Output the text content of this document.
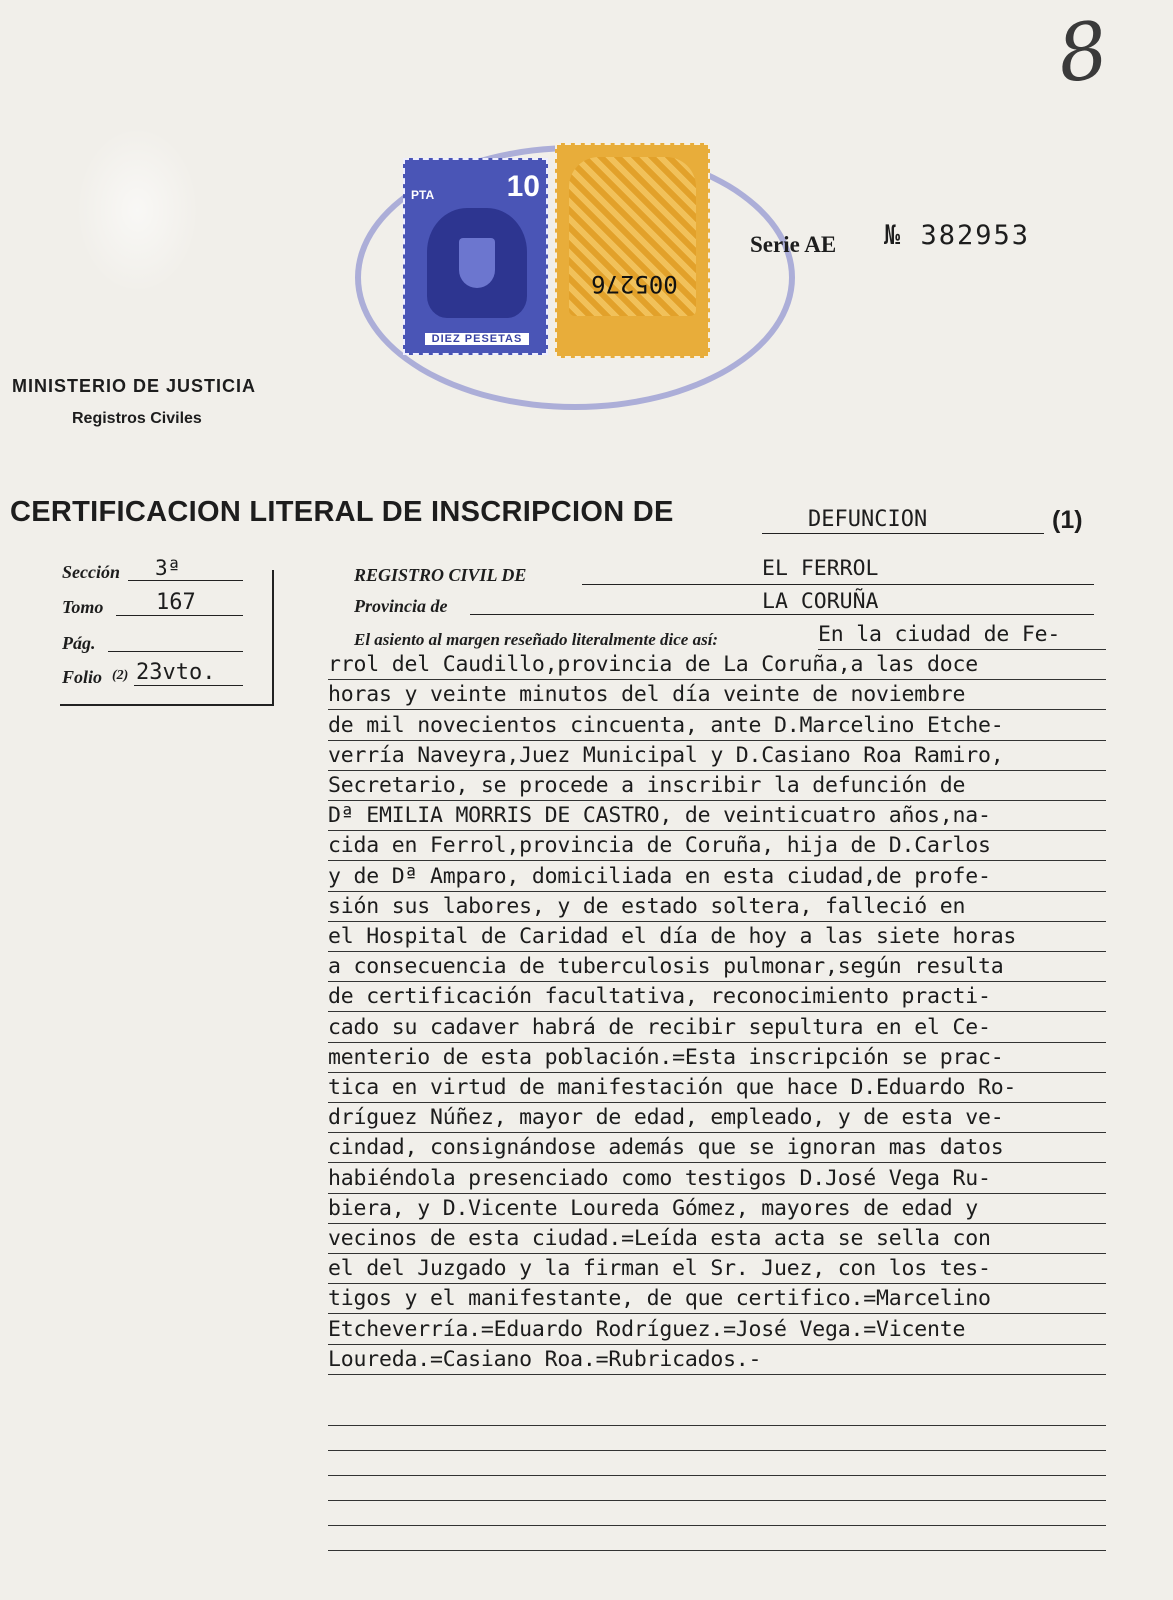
8
PTA 10
DIEZ PESETAS
005276
Serie AE № 382953
MINISTERIO DE JUSTICIA
Registros Civiles
CERTIFICACION LITERAL DE INSCRIPCION DE	DEFUNCION	(1)
Sección 3ª
Tomo 167
Pág.
Folio (2) 23vto.
REGISTRO CIVIL DE	EL FERROL
Provincia de	LA CORUÑA
El asiento al margen reseñado literalmente dice así:	En la ciudad de Fe-
rrol del Caudillo,provincia de La Coruña,a las doce
horas y veinte minutos del día veinte de noviembre
de mil novecientos cincuenta, ante D.Marcelino Etche-
verría Naveyra,Juez Municipal y D.Casiano Roa Ramiro,
Secretario, se procede a inscribir la defunción de
Dª EMILIA MORRIS DE CASTRO, de veinticuatro años,na-
cida en Ferrol,provincia de Coruña, hija de D.Carlos
y de Dª Amparo, domiciliada en esta ciudad,de profe-
sión sus labores, y de estado soltera, falleció en
el Hospital de Caridad el día de hoy a las siete horas
a consecuencia de tuberculosis pulmonar,según resulta
de certificación facultativa, reconocimiento practi-
cado su cadaver habrá de recibir sepultura en el Ce-
menterio de esta población.=Esta inscripción se prac-
tica en virtud de manifestación que hace D.Eduardo Ro-
dríguez Núñez, mayor de edad, empleado, y de esta ve-
cindad, consignándose además que se ignoran mas datos
habiéndola presenciado como testigos D.José Vega Ru-
biera, y D.Vicente Loureda Gómez, mayores de edad y
vecinos de esta ciudad.=Leída esta acta se sella con
el del Juzgado y la firman el Sr. Juez, con los tes-
tigos y el manifestante, de que certifico.=Marcelino
Etcheverría.=Eduardo Rodríguez.=José Vega.=Vicente
Loureda.=Casiano Roa.=Rubricados.-
